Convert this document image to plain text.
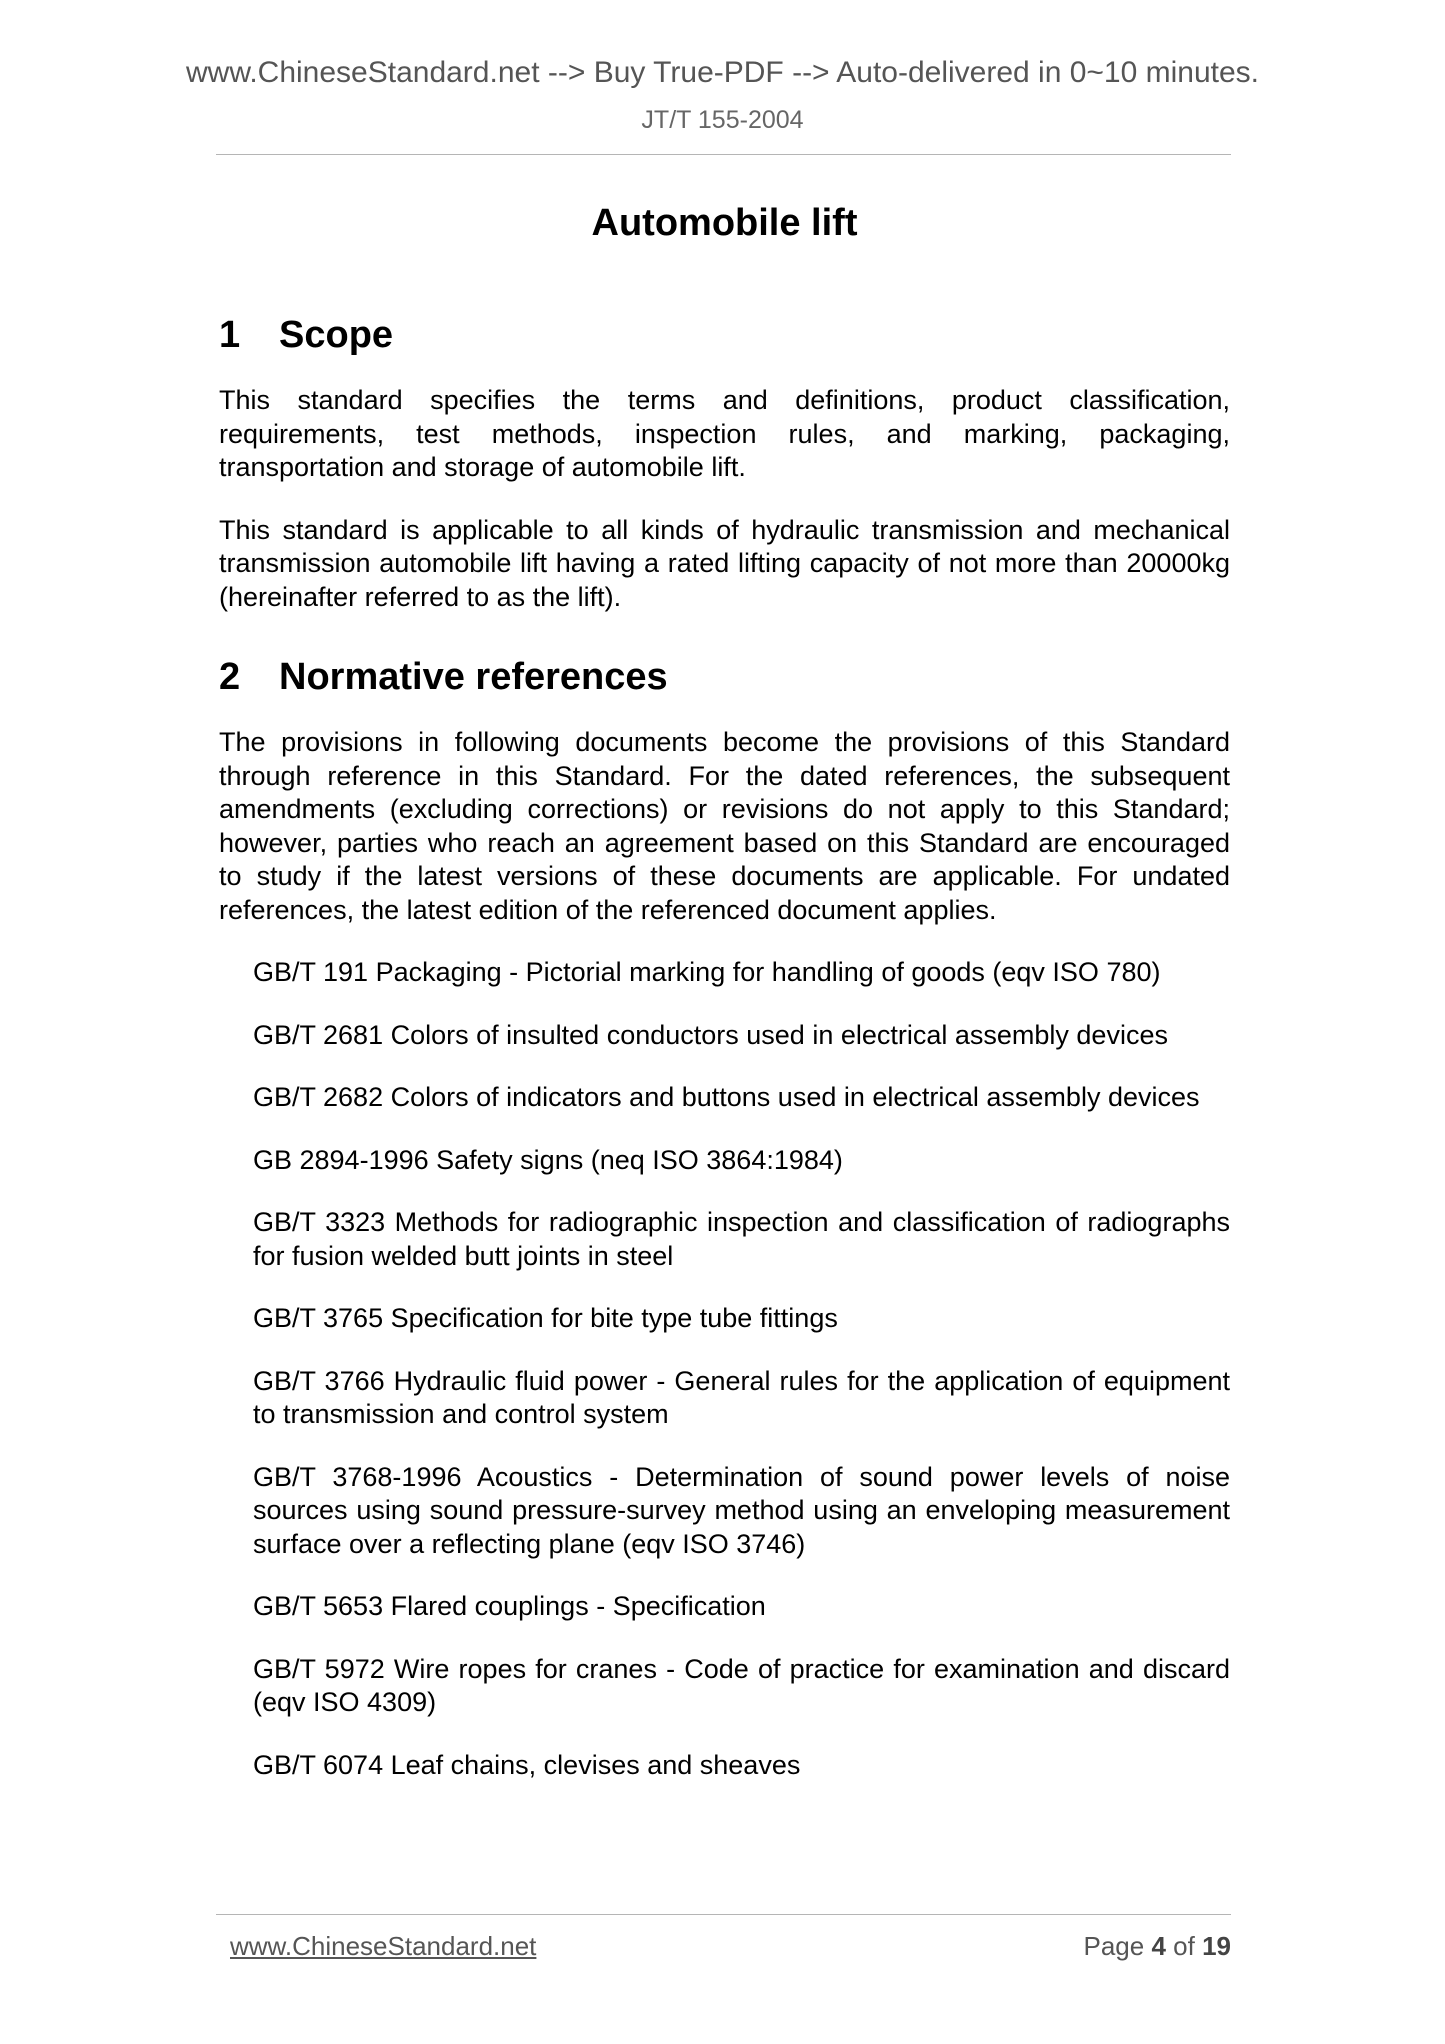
www.ChineseStandard.net --> Buy True-PDF --> Auto-delivered in 0~10 minutes.
JT/T 155-2004
Automobile lift
1 Scope

This standard specifies the terms and definitions, product classification, requirements, test methods, inspection rules, and marking, packaging, transportation and storage of automobile lift.

This standard is applicable to all kinds of hydraulic transmission and mechanical transmission automobile lift having a rated lifting capacity of not more than 20000kg (hereinafter referred to as the lift).

2 Normative references

The provisions in following documents become the provisions of this Standard through reference in this Standard. For the dated references, the subsequent amendments (excluding corrections) or revisions do not apply to this Standard; however, parties who reach an agreement based on this Standard are encouraged to study if the latest versions of these documents are applicable. For undated references, the latest edition of the referenced document applies.

GB/T 191 Packaging - Pictorial marking for handling of goods (eqv ISO 780)
GB/T 2681 Colors of insulted conductors used in electrical assembly devices
GB/T 2682 Colors of indicators and buttons used in electrical assembly devices
GB 2894-1996 Safety signs (neq ISO 3864:1984)
GB/T 3323 Methods for radiographic inspection and classification of radiographs for fusion welded butt joints in steel
GB/T 3765 Specification for bite type tube fittings
GB/T 3766 Hydraulic fluid power - General rules for the application of equipment to transmission and control system
GB/T 3768-1996 Acoustics - Determination of sound power levels of noise sources using sound pressure-survey method using an enveloping measurement surface over a reflecting plane (eqv ISO 3746)
GB/T 5653 Flared couplings - Specification
GB/T 5972 Wire ropes for cranes - Code of practice for examination and discard (eqv ISO 4309)
GB/T 6074 Leaf chains, clevises and sheaves
www.ChineseStandard.net	Page 4 of 19
